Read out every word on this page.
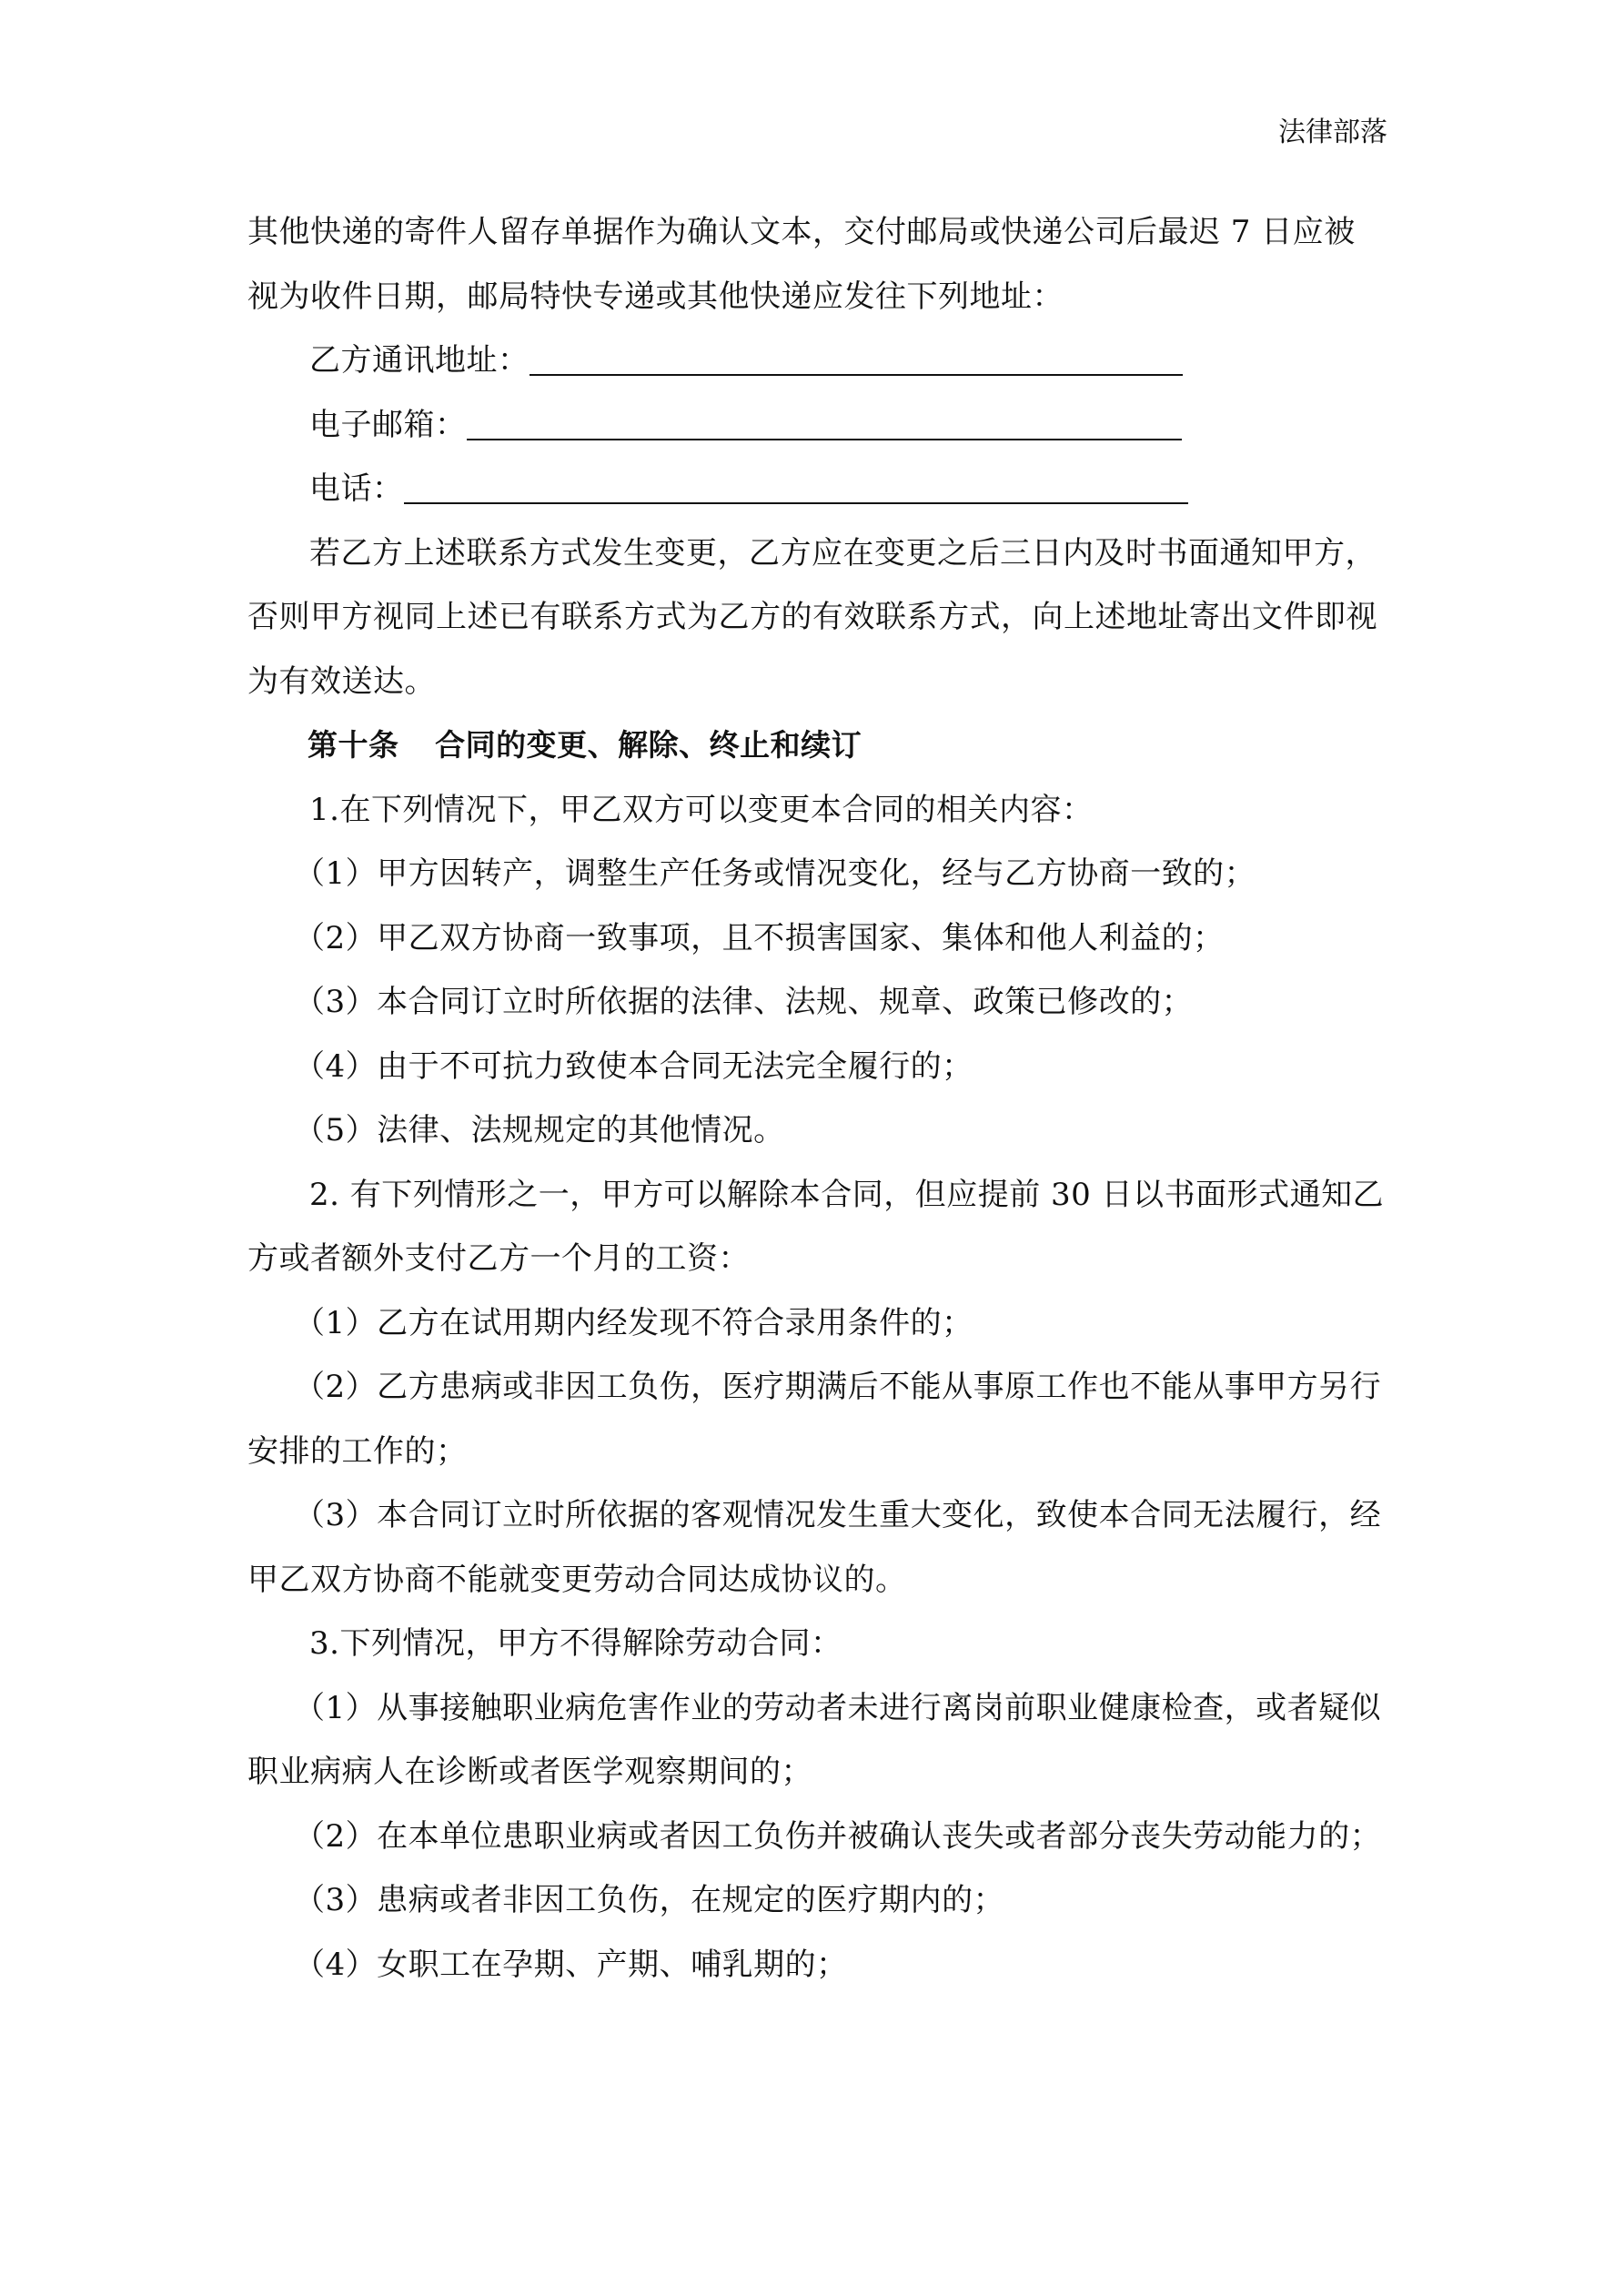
法律部落

其他快递的寄件人留存单据作为确认文本，交付邮局或快递公司后最迟 7 日应被视为收件日期，邮局特快专递或其他快递应发往下列地址：

乙方通讯地址：

电子邮箱：

电话：

若乙方上述联系方式发生变更，乙方应在变更之后三日内及时书面通知甲方，否则甲方视同上述已有联系方式为乙方的有效联系方式，向上述地址寄出文件即视为有效送达。

第十条 合同的变更、解除、终止和续订

1.在下列情况下，甲乙双方可以变更本合同的相关内容：

（1）甲方因转产，调整生产任务或情况变化，经与乙方协商一致的；

（2）甲乙双方协商一致事项，且不损害国家、集体和他人利益的；

（3）本合同订立时所依据的法律、法规、规章、政策已修改的；

（4）由于不可抗力致使本合同无法完全履行的；

（5）法律、法规规定的其他情况。

2. 有下列情形之一，甲方可以解除本合同，但应提前 30 日以书面形式通知乙方或者额外支付乙方一个月的工资：

（1）乙方在试用期内经发现不符合录用条件的；

（2）乙方患病或非因工负伤，医疗期满后不能从事原工作也不能从事甲方另行安排的工作的；

（3）本合同订立时所依据的客观情况发生重大变化，致使本合同无法履行，经甲乙双方协商不能就变更劳动合同达成协议的。

3.下列情况，甲方不得解除劳动合同：

（1）从事接触职业病危害作业的劳动者未进行离岗前职业健康检查，或者疑似职业病病人在诊断或者医学观察期间的；

（2）在本单位患职业病或者因工负伤并被确认丧失或者部分丧失劳动能力的；

（3）患病或者非因工负伤，在规定的医疗期内的；

（4）女职工在孕期、产期、哺乳期的；
